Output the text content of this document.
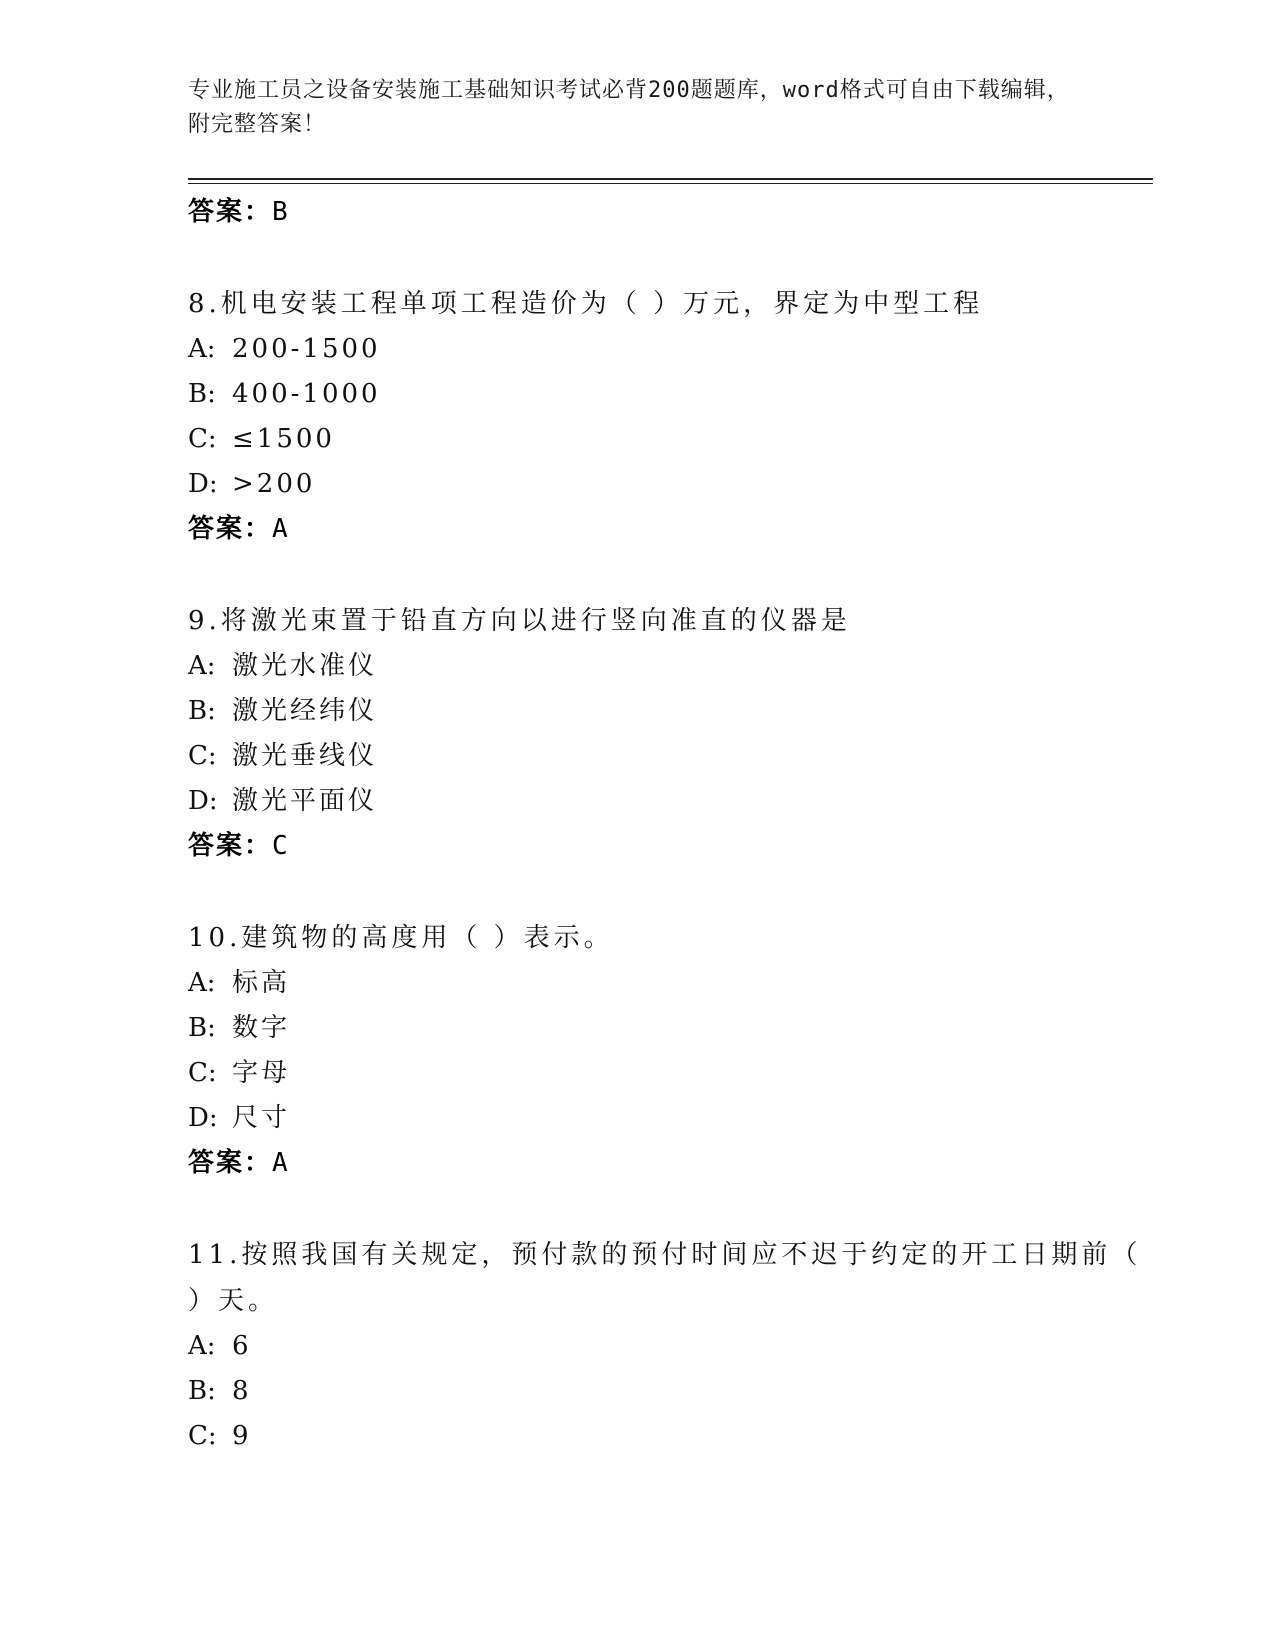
专业施工员之设备安装施工基础知识考试必背200题题库，word格式可自由下载编辑，附完整答案！
答案：B
8.机电安装工程单项工程造价为（ ）万元，界定为中型工程
A: 200-1500
B: 400-1000
C: ≤1500
D: >200
答案：A
9.将激光束置于铅直方向以进行竖向准直的仪器是
A: 激光水准仪
B: 激光经纬仪
C: 激光垂线仪
D: 激光平面仪
答案：C
10.建筑物的高度用（ ）表示。
A: 标高
B: 数字
C: 字母
D: 尺寸
答案：A
11.按照我国有关规定，预付款的预付时间应不迟于约定的开工日期前（ ）天。
A: 6
B: 8
C: 9
